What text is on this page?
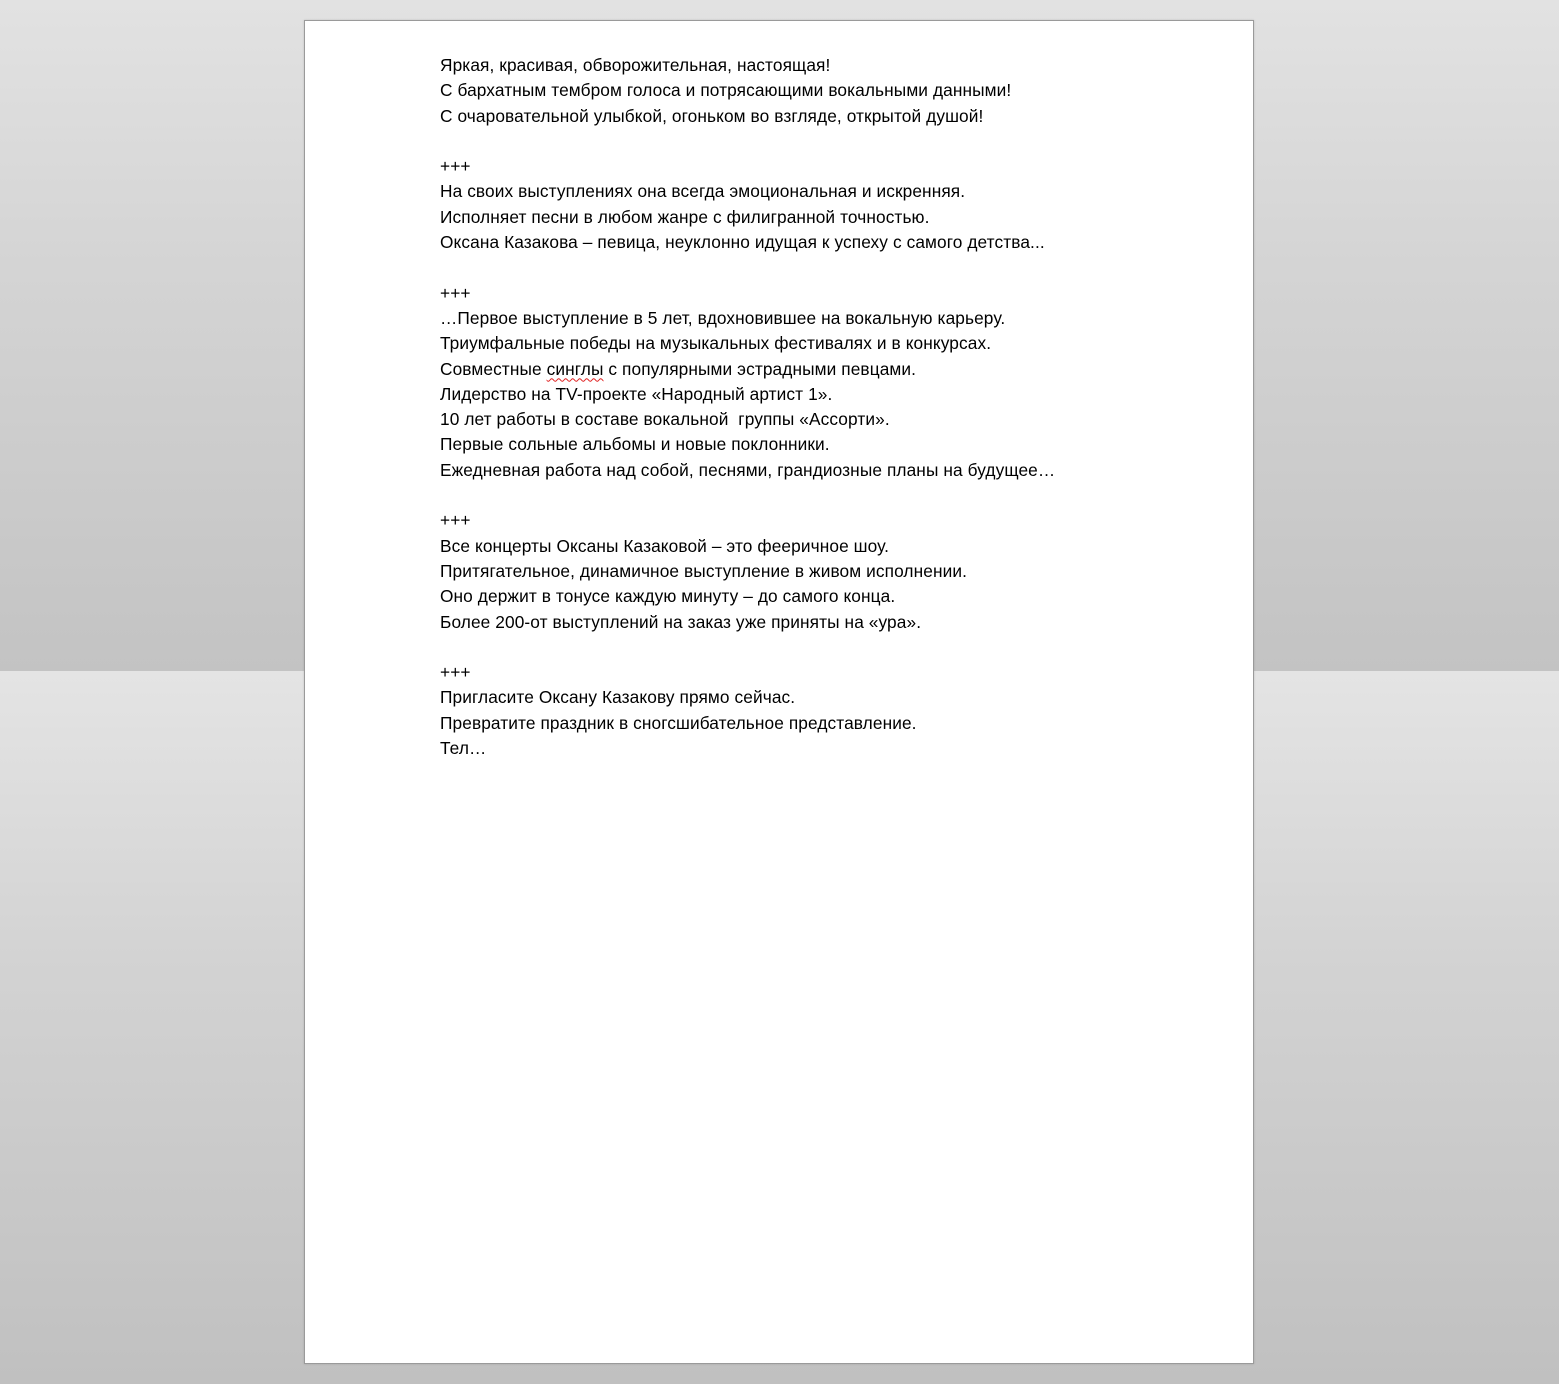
Яркая, красивая, обворожительная, настоящая!
С бархатным тембром голоса и потрясающими вокальными данными!
С очаровательной улыбкой, огоньком во взгляде, открытой душой!
+++
На своих выступлениях она всегда эмоциональная и искренняя.
Исполняет песни в любом жанре с филигранной точностью.
Оксана Казакова – певица, неуклонно идущая к успеху с самого детства...
+++
…Первое выступление в 5 лет, вдохновившее на вокальную карьеру.
Триумфальные победы на музыкальных фестивалях и в конкурсах.
Совместные синглы с популярными эстрадными певцами.
Лидерство на TV-проекте «Народный артист 1».
10 лет работы в составе вокальной  группы «Ассорти».
Первые сольные альбомы и новые поклонники.
Ежедневная работа над собой, песнями, грандиозные планы на будущее…
+++
Все концерты Оксаны Казаковой – это фееричное шоу.
Притягательное, динамичное выступление в живом исполнении.
Оно держит в тонусе каждую минуту – до самого конца.
Более 200-от выступлений на заказ уже приняты на «ура».
+++
Пригласите Оксану Казакову прямо сейчас.
Превратите праздник в сногсшибательное представление.
Тел…
